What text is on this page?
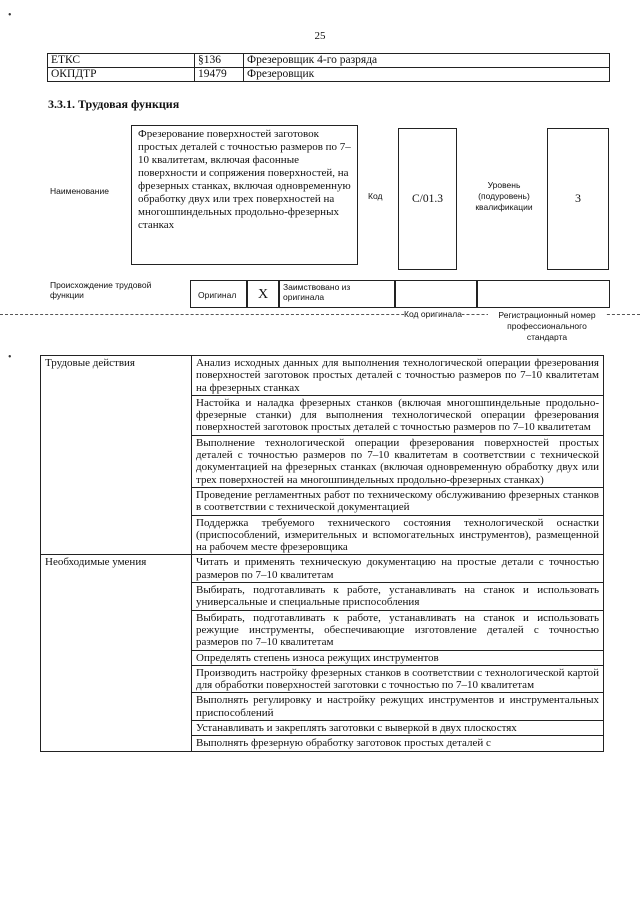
25
•
•
ЕТКС	§136	Фрезеровщик 4-го разряда
ОКПДТР	19479	Фрезеровщик
3.3.1. Трудовая функция
Наименование
Фрезерование поверхностей заготовок простых деталей с точностью размеров по 7–10 квалитетам, включая фасонные поверхности и сопряжения поверхностей, на фрезерных станках, включая одновременную обработку двух или трех поверхностей на многошпиндельных продольно-фрезерных станках
Код	С/01.3
Уровень (подуровень) квалификации
3
Происхождение трудовой функции	Оригинал	X	Заимствовано из оригинала
Код оригинала	Регистрационный номер профессионального стандарта
Трудовые действия	Анализ исходных данных для выполнения технологической операции фрезерования поверхностей заготовок простых деталей с точностью размеров по 7–10 квалитетам на фрезерных станках
	Настойка и наладка фрезерных станков (включая многошпиндельные продольно-фрезерные станки) для выполнения технологической операции фрезерования поверхностей заготовок простых деталей с точностью размеров по 7–10 квалитетам
	Выполнение технологической операции фрезерования поверхностей простых деталей с точностью размеров по 7–10 квалитетам в соответствии с технической документацией на фрезерных станках (включая одновременную обработку двух или трех поверхностей на многошпиндельных продольно-фрезерных станках)
	Проведение регламентных работ по техническому обслуживанию фрезерных станков в соответствии с технической документацией
	Поддержка требуемого технического состояния технологической оснастки (приспособлений, измерительных и вспомогательных инструментов), размещенной на рабочем месте фрезеровщика
Необходимые умения	Читать и применять техническую документацию на простые детали с точностью размеров по 7–10 квалитетам
	Выбирать, подготавливать к работе, устанавливать на станок и использовать универсальные и специальные приспособления
	Выбирать, подготавливать к работе, устанавливать на станок и использовать режущие инструменты, обеспечивающие изготовление деталей с точностью размеров по 7–10 квалитетам
	Определять степень износа режущих инструментов
	Производить настройку фрезерных станков в соответствии с технологической картой для обработки поверхностей заготовки с точностью по 7–10 квалитетам
	Выполнять регулировку и настройку режущих инструментов и инструментальных приспособлений
	Устанавливать и закреплять заготовки с выверкой в двух плоскостях
	Выполнять фрезерную обработку заготовок простых деталей с
